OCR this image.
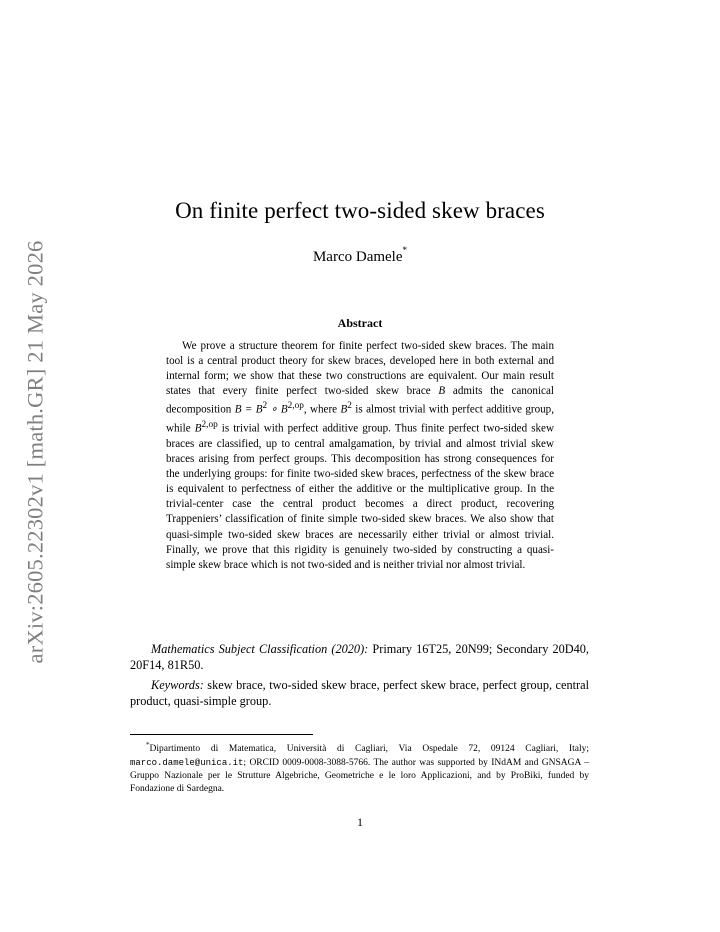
arXiv:2605.22302v1 [math.GR] 21 May 2026
On finite perfect two-sided skew braces
Marco Damele*
Abstract
We prove a structure theorem for finite perfect two-sided skew braces. The main tool is a central product theory for skew braces, developed here in both external and internal form; we show that these two constructions are equivalent. Our main result states that every finite perfect two-sided skew brace B admits the canonical decomposition $B = B^2$ ∘ $B^{2,op}$, where $B^2$ is almost trivial with perfect additive group, while $B^{2,op}$ is trivial with perfect additive group. Thus finite perfect two-sided skew braces are classified, up to central amalgamation, by trivial and almost trivial skew braces arising from perfect groups. This decomposition has strong consequences for the underlying groups: for finite two-sided skew braces, perfectness of the skew brace is equivalent to perfectness of either the additive or the multiplicative group. In the trivial-center case the central product becomes a direct product, recovering Trappeniers’ classification of finite simple two-sided skew braces. We also show that quasi-simple two-sided skew braces are necessarily either trivial or almost trivial. Finally, we prove that this rigidity is genuinely two-sided by constructing a quasi-simple skew brace which is not two-sided and is neither trivial nor almost trivial.
Mathematics Subject Classification (2020): Primary 16T25, 20N99; Secondary 20D40, 20F14, 81R50.
Keywords: skew brace, two-sided skew brace, perfect skew brace, perfect group, central product, quasi-simple group.
*Dipartimento di Matematica, Università di Cagliari, Via Ospedale 72, 09124 Cagliari, Italy; marco.damele@unica.it; ORCID 0009-0008-3088-5766. The author was supported by INdAM and GNSAGA – Gruppo Nazionale per le Strutture Algebriche, Geometriche e le loro Applicazioni, and by ProBiki, funded by Fondazione di Sardegna.
1
